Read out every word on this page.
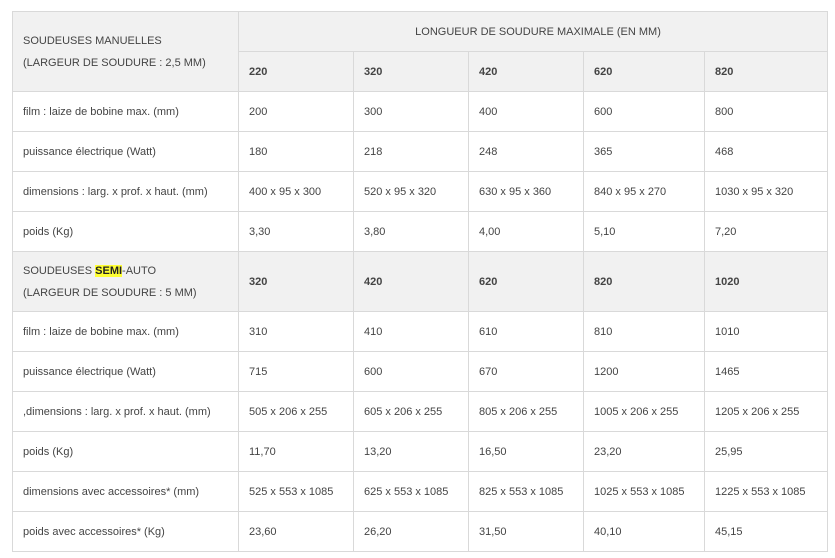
SOUDEUSES MANUELLES
(LARGEUR DE SOUDURE : 2,5 MM)	LONGUEUR DE SOUDURE MAXIMALE (EN MM)				
	220	320	420	620	820
film : laize de bobine max. (mm)	200	300	400	600	800
puissance électrique (Watt)	180	218	248	365	468
dimensions : larg. x prof. x haut. (mm)	400 x 95 x 300	520 x 95 x 320	630 x 95 x 360	840 x 95 x 270	1030 x 95 x 320
poids (Kg)	3,30	3,80	4,00	5,10	7,20

SOUDEUSES SEMI-AUTO
(LARGEUR DE SOUDURE : 5 MM)	320	420	620	820	1020
film : laize de bobine max. (mm)	310	410	610	810	1010
puissance électrique (Watt)	715	600	670	1200	1465
,dimensions : larg. x prof. x haut. (mm)	505 x 206 x 255	605 x 206 x 255	805 x 206 x 255	1005 x 206 x 255	1205 x 206 x 255
poids (Kg)	11,70	13,20	16,50	23,20	25,95
dimensions avec accessoires* (mm)	525 x 553 x 1085	625 x 553 x 1085	825 x 553 x 1085	1025 x 553 x 1085	1225 x 553 x 1085
poids avec accessoires* (Kg)	23,60	26,20	31,50	40,10	45,15
